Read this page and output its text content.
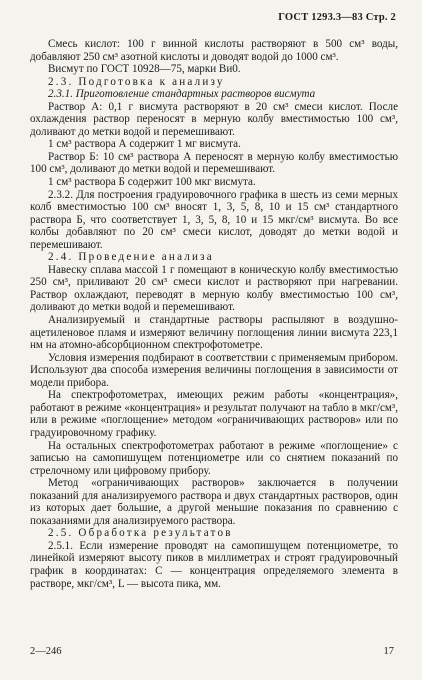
ГОСТ 1293.3—83 Стр. 2

Смесь кислот: 100 г винной кислоты растворяют в 500 см³ воды, добавляют 250 см³ азотной кислоты и доводят водой до 1000 см³.

Висмут по ГОСТ 10928—75, марки Ви0.

2.3. Подготовка к анализу

2.3.1. Приготовление стандартных растворов висмута

Раствор А: 0,1 г висмута растворяют в 20 см³ смеси кислот. После охлаждения раствор переносят в мерную колбу вместимостью 100 см³, доливают до метки водой и перемешивают.

1 см³ раствора А содержит 1 мг висмута.

Раствор Б: 10 см³ раствора А переносят в мерную колбу вместимостью 100 см³, доливают до метки водой и перемешивают.

1 см³ раствора Б содержит 100 мкг висмута.

2.3.2. Для построения градуировочного графика в шесть из семи мерных колб вместимостью 100 см³ вносят 1, 3, 5, 8, 10 и 15 см³ стандартного раствора Б, что соответствует 1, 3, 5, 8, 10 и 15 мкг/см³ висмута. Во все колбы добавляют по 20 см³ смеси кислот, доводят до метки водой и перемешивают.

2.4. Проведение анализа

Навеску сплава массой 1 г помещают в коническую колбу вместимостью 250 см³, приливают 20 см³ смеси кислот и растворяют при нагревании. Раствор охлаждают, переводят в мерную колбу вместимостью 100 см³, доливают до метки водой и перемешивают.

Анализируемый и стандартные растворы распыляют в воздушно-ацетиленовое пламя и измеряют величину поглощения линии висмута 223,1 нм на атомно-абсорбционном спектрофотометре.

Условия измерения подбирают в соответствии с применяемым прибором. Используют два способа измерения величины поглощения в зависимости от модели прибора.

На спектрофотометрах, имеющих режим работы «концентрация», работают в режиме «концентрация» и результат получают на табло в мкг/см³, или в режиме «поглощение» методом «ограничивающих растворов» или по градуировочному графику.

На остальных спектрофотометрах работают в режиме «поглощение» с записью на самопишущем потенциометре или со снятием показаний по стрелочному или цифровому прибору.

Метод «ограничивающих растворов» заключается в получении показаний для анализируемого раствора и двух стандартных растворов, один из которых дает большие, а другой меньшие показания по сравнению с показаниями для анализируемого раствора.

2.5. Обработка результатов

2.5.1. Если измерение проводят на самопишущем потенциометре, то линейкой измеряют высоту пиков в миллиметрах и строят градуировочный график в координатах: C — концентрация определяемого элемента в растворе, мкг/см³, L — высота пика, мм.

2—246	17
